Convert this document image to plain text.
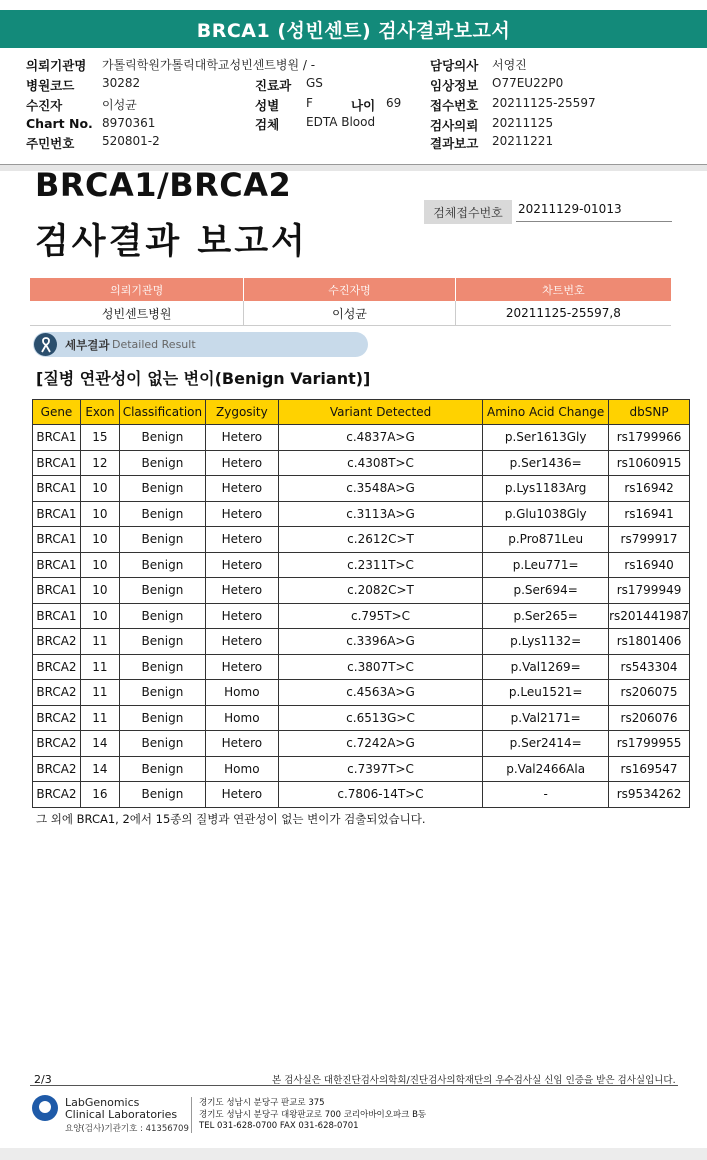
BRCA1 (성빈센트) 검사결과보고서
의뢰기관명 가톨릭학원가톨릭대학교성빈센트병원 / -
병원코드 30282
수진자	이성균
Chart No. 8970361
주민번호 520801-2
진료과 GS
성별 F	나이 69
검체 EDTA Blood
담당의사 서영진
임상정보 O77EU22P0
접수번호 20211125-25597
검사의뢰 20211125
결과보고 20211221
BRCA1/BRCA2
검사결과 보고서
검체접수번호	20211129-01013
의뢰기관명	수진자명	차트번호
성빈센트병원	이성균	20211125-25597,8
세부결과 Detailed Result
[질병 연관성이 없는 변이(Benign Variant)]
Gene	Exon	Classification	Zygosity	Variant Detected	Amino Acid Change	dbSNP
BRCA1	15	Benign	Hetero	c.4837A>G	p.Ser1613Gly	rs1799966
BRCA1	12	Benign	Hetero	c.4308T>C	p.Ser1436=	rs1060915
BRCA1	10	Benign	Hetero	c.3548A>G	p.Lys1183Arg	rs16942
BRCA1	10	Benign	Hetero	c.3113A>G	p.Glu1038Gly	rs16941
BRCA1	10	Benign	Hetero	c.2612C>T	p.Pro871Leu	rs799917
BRCA1	10	Benign	Hetero	c.2311T>C	p.Leu771=	rs16940
BRCA1	10	Benign	Hetero	c.2082C>T	p.Ser694=	rs1799949
BRCA1	10	Benign	Hetero	c.795T>C	p.Ser265=	rs201441987
BRCA2	11	Benign	Hetero	c.3396A>G	p.Lys1132=	rs1801406
BRCA2	11	Benign	Hetero	c.3807T>C	p.Val1269=	rs543304
BRCA2	11	Benign	Homo	c.4563A>G	p.Leu1521=	rs206075
BRCA2	11	Benign	Homo	c.6513G>C	p.Val2171=	rs206076
BRCA2	14	Benign	Hetero	c.7242A>G	p.Ser2414=	rs1799955
BRCA2	14	Benign	Homo	c.7397T>C	p.Val2466Ala	rs169547
BRCA2	16	Benign	Hetero	c.7806-14T>C	-	rs9534262
그 외에 BRCA1, 2에서 15종의 질병과 연관성이 없는 변이가 검출되었습니다.
2/3	본 검사실은 대한진단검사의학회/진단검사의학재단의 우수검사실 신임 인증을 받은 검사실입니다.
LabGenomics
Clinical Laboratories
요양(검사)기관기호 : 41356709
경기도 성남시 분당구 판교로 375
경기도 성남시 분당구 대왕판교로 700 코리아바이오파크 B동
TEL 031-628-0700 FAX 031-628-0701
